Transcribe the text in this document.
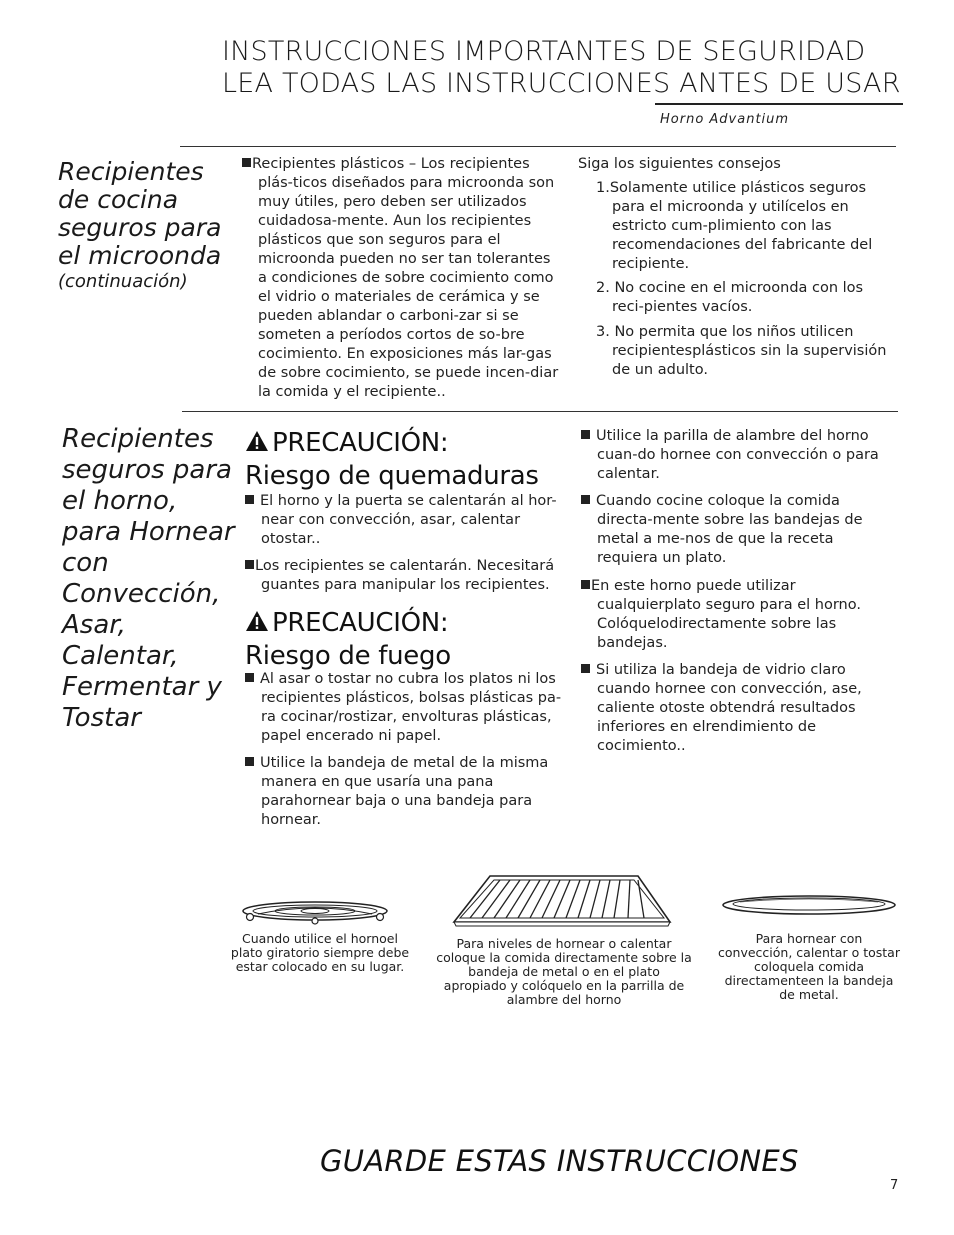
INSTRUCCIONES IMPORTANTES DE SEGURIDAD
LEA TODAS LAS INSTRUCCIONES ANTES DE USAR
Horno Advantium
Recipientes de cocina seguros para el microonda
(continuación)
Recipientes plásticos – Los recipientes plás-ticos diseñados para microonda son muy útiles, pero deben ser utilizados cuidadosa-mente. Aun los recipientes plásticos que son seguros para el microonda pueden no ser tan tolerantes a condiciones de sobre cocimiento como el vidrio o materiales de cerámica y se pueden ablandar o carboni-zar si se someten a períodos cortos de so-bre cocimiento. En exposiciones más lar-gas de sobre cocimiento, se puede incen-diar la comida y el recipiente..
Siga los siguientes consejos
1.Solamente utilice plásticos seguros para el microonda y utilícelos en estricto cum-plimiento con las recomendaciones del fabricante del recipiente.
2. No cocine en el microonda con los reci-pientes vacíos.
3. No permita que los niños utilicen recipientesplásticos sin la supervisión de un adulto.
Recipientes seguros para el horno, para Hornear con Convección, Asar, Calentar, Fermentar y Tostar
PRECAUCIÓN:
Riesgo de quemaduras
El horno y la puerta se calentarán al hor-near con convección, asar, calentar otostar..
Los recipientes se calentarán. Necesitará guantes para manipular los recipientes.
PRECAUCIÓN:
Riesgo de fuego
Al asar o tostar no cubra los platos ni los recipientes plásticos, bolsas plásticas pa-ra cocinar/rostizar, envolturas plásticas, papel encerado ni papel.
Utilice la bandeja de metal de la misma manera en que usaría una pana parahornear baja o una bandeja para hornear.
Utilice la parilla de alambre del horno cuan-do hornee con convección o para calentar.
Cuando cocine coloque la comida directa-mente sobre las bandejas de metal a me-nos de que la receta requiera un plato.
En este horno puede utilizar cualquierplato seguro para el horno. Colóquelodirectamente sobre las bandejas.
Si utiliza la bandeja de vidrio claro cuando hornee con convección, ase, caliente otoste obtendrá resultados inferiores en elrendimiento de cocimiento..
Cuando utilice el hornoel plato giratorio siempre debe estar colocado en su lugar.
Para niveles de hornear o calentar coloque la comida directamente sobre la bandeja de metal o en el plato apropiado y colóquelo en la parrilla de alambre del horno
Para hornear con convección, calentar o tostar coloquela comida directamenteen la bandeja de metal.
GUARDE ESTAS INSTRUCCIONES
7
